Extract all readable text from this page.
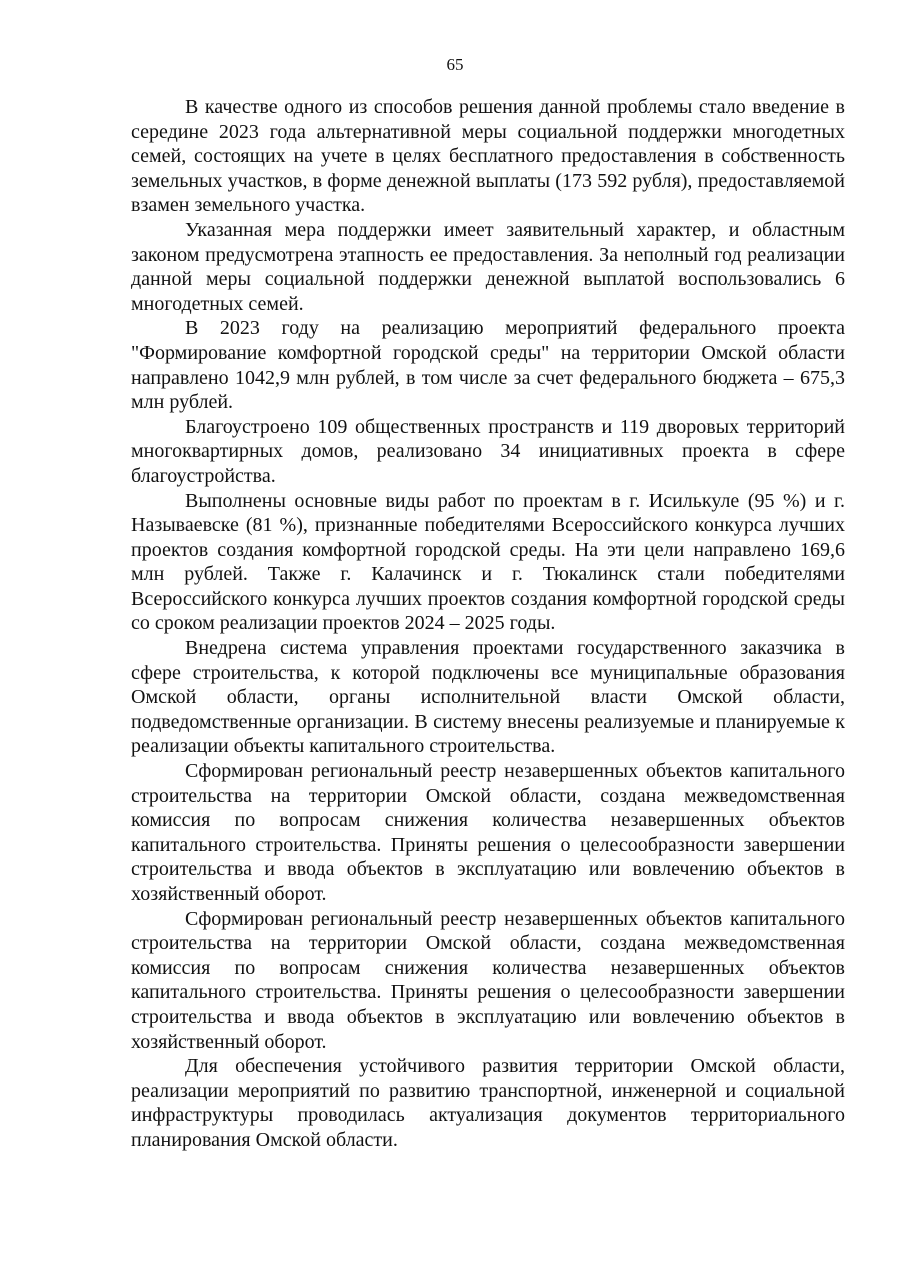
65

В качестве одного из способов решения данной проблемы стало введение в середине 2023 года альтернативной меры социальной поддержки многодетных семей, состоящих на учете в целях бесплатного предоставления в собственность земельных участков, в форме денежной выплаты (173 592 рубля), предоставляемой взамен земельного участка.

Указанная мера поддержки имеет заявительный характер, и областным законом предусмотрена этапность ее предоставления. За неполный год реализации данной меры социальной поддержки денежной выплатой воспользовались 6 многодетных семей.

В 2023 году на реализацию мероприятий федерального проекта "Формирование комфортной городской среды" на территории Омской области направлено 1042,9 млн рублей, в том числе за счет федерального бюджета – 675,3 млн рублей.

Благоустроено 109 общественных пространств и 119 дворовых территорий многоквартирных домов, реализовано 34 инициативных проекта в сфере благоустройства.

Выполнены основные виды работ по проектам в г. Исилькуле (95 %) и г. Называевске (81 %), признанные победителями Всероссийского конкурса лучших проектов создания комфортной городской среды. На эти цели направлено 169,6 млн рублей. Также г. Калачинск и г. Тюкалинск стали победителями Всероссийского конкурса лучших проектов создания комфортной городской среды со сроком реализации проектов 2024 – 2025 годы.

Внедрена система управления проектами государственного заказчика в сфере строительства, к которой подключены все муниципальные образования Омской области, органы исполнительной власти Омской области, подведомственные организации. В систему внесены реализуемые и планируемые к реализации объекты капитального строительства.

Сформирован региональный реестр незавершенных объектов капитального строительства на территории Омской области, создана межведомственная комиссия по вопросам снижения количества незавершенных объектов капитального строительства. Приняты решения о целесообразности завершении строительства и ввода объектов в эксплуатацию или вовлечению объектов в хозяйственный оборот.

Сформирован региональный реестр незавершенных объектов капитального строительства на территории Омской области, создана межведомственная комиссия по вопросам снижения количества незавершенных объектов капитального строительства. Приняты решения о целесообразности завершении строительства и ввода объектов в эксплуатацию или вовлечению объектов в хозяйственный оборот.

Для обеспечения устойчивого развития территории Омской области, реализации мероприятий по развитию транспортной, инженерной и социальной инфраструктуры проводилась актуализация документов территориального планирования Омской области.
